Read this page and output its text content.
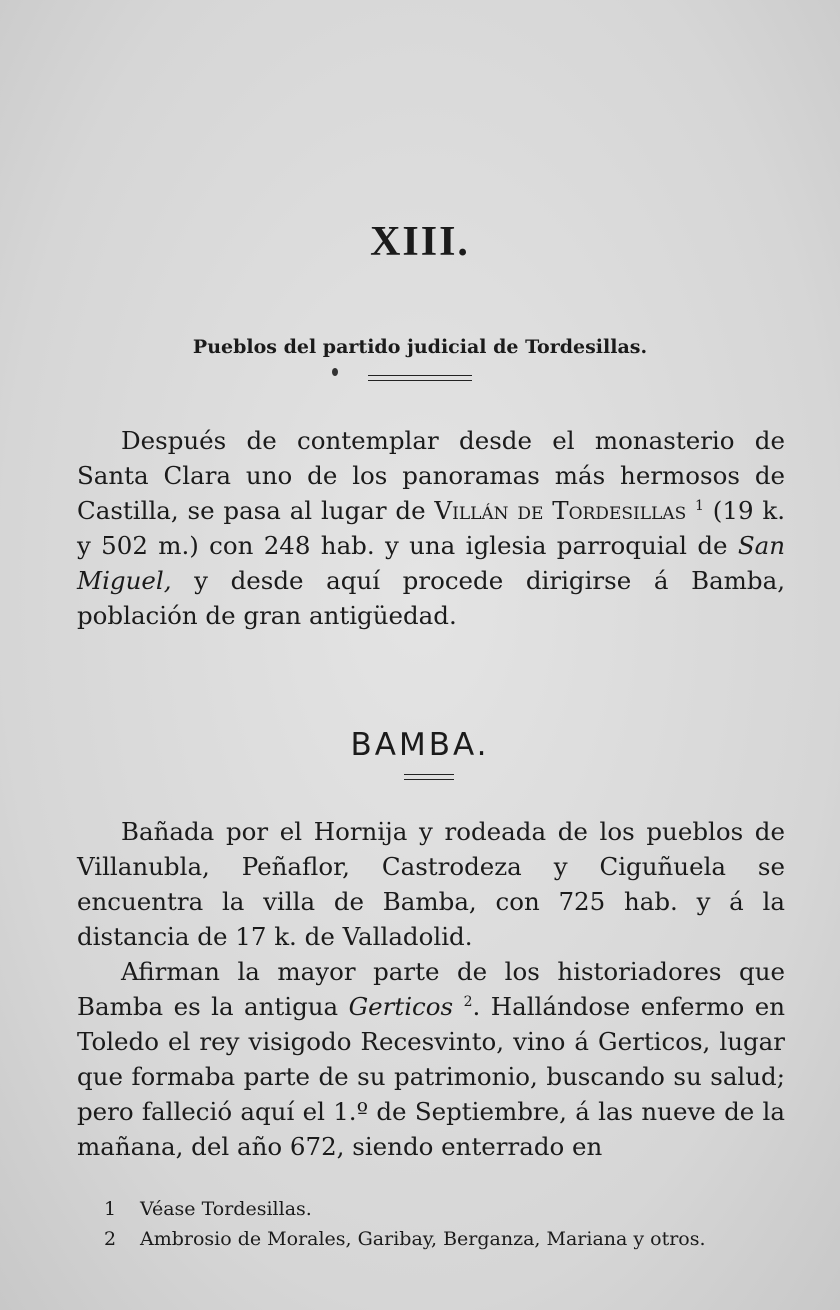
XIII.
Pueblos del partido judicial de Tordesillas.
Después de contemplar desde el monasterio de Santa Clara uno de los panoramas más hermosos de Castilla, se pasa al lugar de Villán de Tordesillas $^1$ (19 k. y 502 m.) con 248 hab. y una iglesia parroquial de San Miguel, y desde aquí procede dirigirse á Bamba, población de gran antigüedad.
BAMBA.
Bañada por el Hornija y rodeada de los pueblos de Villanubla, Peñaflor, Castrodeza y Ciguñuela se encuentra la villa de Bamba, con 725 hab. y á la distancia de 17 k. de Valladolid.
Afirman la mayor parte de los historiadores que Bamba es la antigua Gerticos $^2$. Hallándose enfermo en Toledo el rey visigodo Recesvinto, vino á Gerticos, lugar que formaba parte de su patrimonio, buscando su salud; pero falleció aquí el 1.º de Septiembre, á las nueve de la mañana, del año 672, siendo enterrado en
1 Véase Tordesillas.
2 Ambrosio de Morales, Garibay, Berganza, Mariana y otros.
